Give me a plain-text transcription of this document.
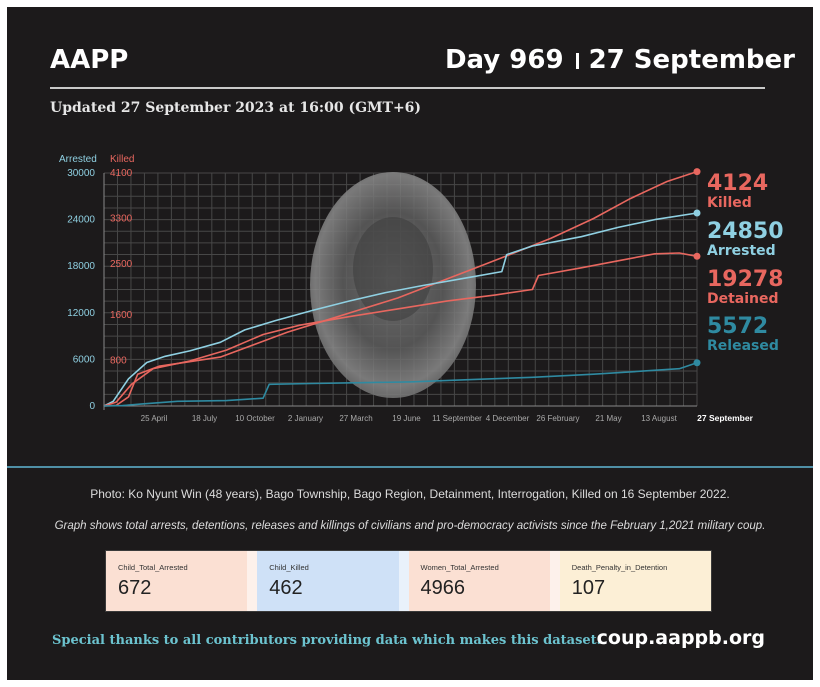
AAPP	Day 969 27 September
Updated 27 September 2023 at 16:00 (GMT+6)
Arrested Killed
0
6000
12000
18000
24000
30000
800
1600
2500
3300
4100
25 April	18 July 10 October 2 January 27 March 19 June 11 September 4 December 26 February 21 May 13 August 27 September
4124
Killed
24850
Arrested
19278
Detained
5572
Released
Photo: Ko Nyunt Win (48 years), Bago Township, Bago Region, Detainment, Interrogation, Killed on 16 September 2022.
Graph shows total arrests, detentions, releases and killings of civilians and pro-democracy activists since the February 1,2021 military coup.
Child_Total_Arrested
672
Child_Killed
462
Women_Total_Arrested
4966
Death_Penalty_in_Detention
107
Special thanks to all contributors providing data which makes this dataset.
coup.aappb.org
